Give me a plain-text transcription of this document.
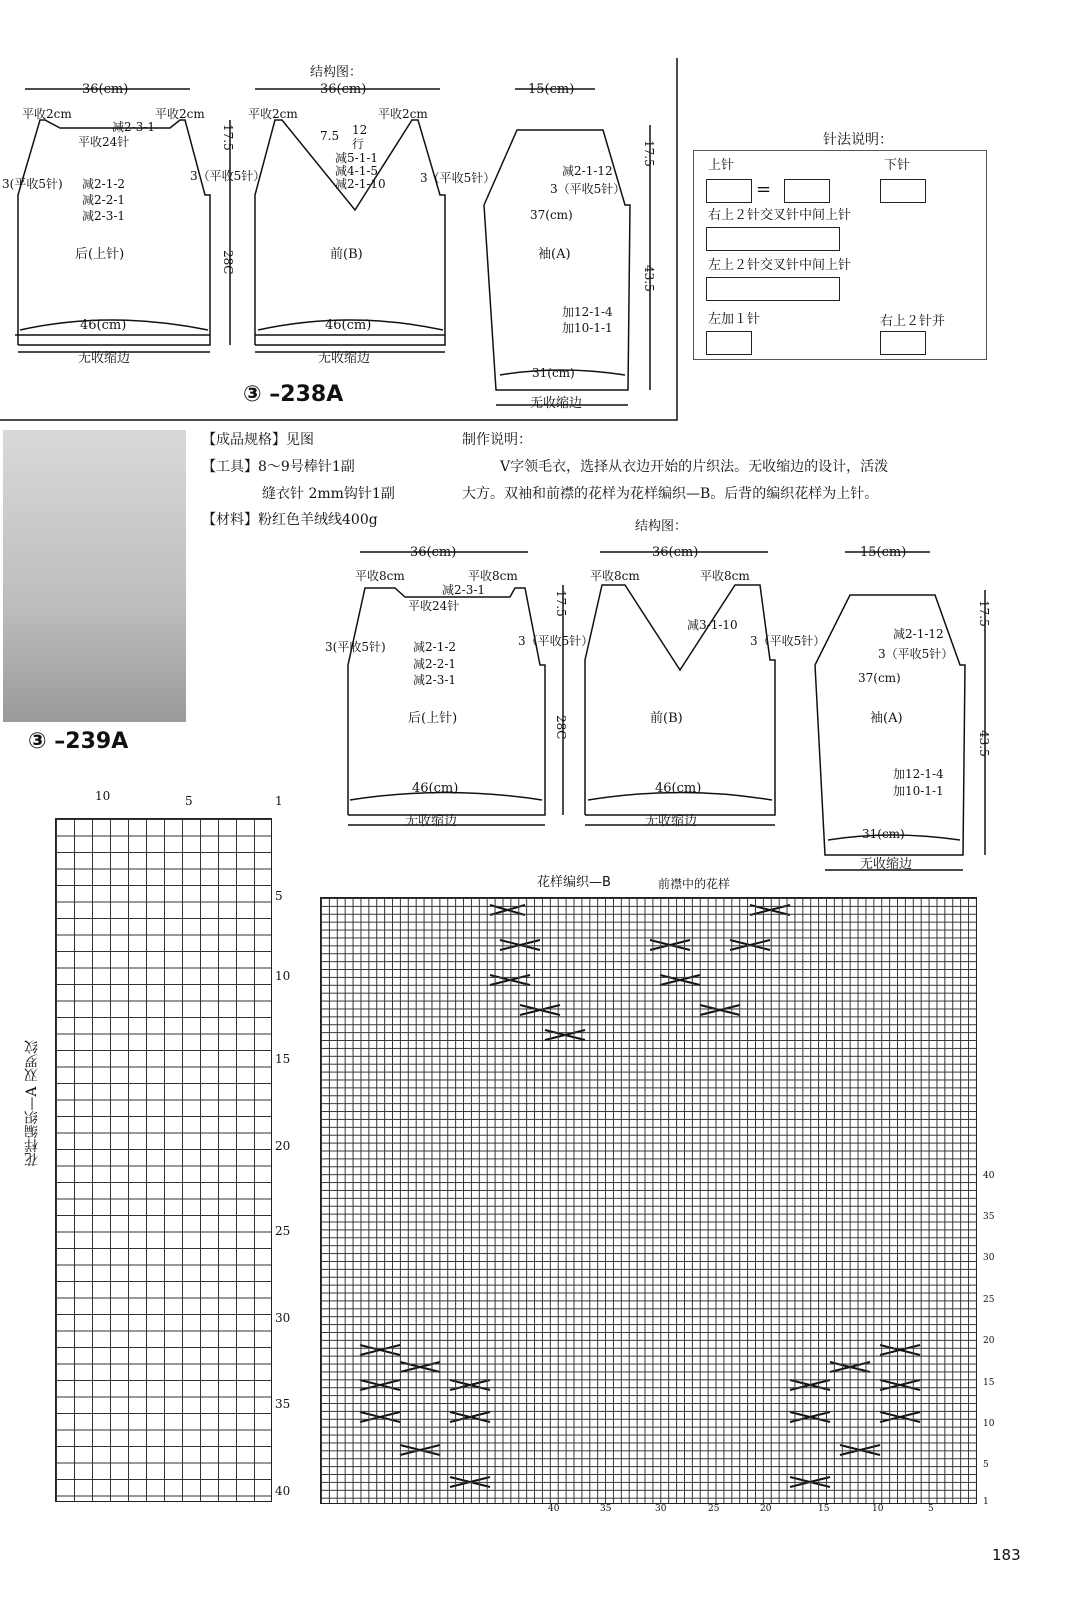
结构图：
36(cm)
平收2cm	平收2cm
减2-3-1
平收24针
3(平收5针) 减2-1-2
减2-2-1
减2-3-1
后(上针)
46(cm)
无收缩边
17.5
28C
36(cm)
平收2cm	平收2cm
7.5 12
行
减5-1-1
减4-1-5
减2-1-10
3（平收5针）	3（平收5针）
前(B)
46(cm)
无收缩边
15(cm)
减2-1-12
3（平收5针）
37(cm)
袖(A)
加12-1-4
加10-1-1
31(cm)
无收缩边
17.5
43.5
③ –238A
针法说明：
上针	下针
=
右上２针交叉针中间上针
左上２针交叉针中间上针
左加１针	右上２针并
③ –239A
【成品规格】见图
【工具】8～9号棒针1副
缝衣针 2mm钩针1副
【材料】粉红色羊绒线400g
制作说明：
V字领毛衣，选择从衣边开始的片织法。无收缩边的设计，活泼
大方。双袖和前襟的花样为花样编织—B。后背的编织花样为上针。
结构图：
36(cm)
平收8cm	平收8cm
减2-3-1
平收24针
3(平收5针) 减2-1-2
减2-2-1
减2-3-1
后(上针)
46(cm)
无收缩边
17.5
28C
36(cm)
平收8cm	平收8cm
减3-1-10
3（平收5针）	3（平收5针）
前(B)
46(cm)
无收缩边
15(cm)
减2-1-12
3（平收5针）
37(cm)
袖(A)
加12-1-4
加10-1-1
31(cm)
无收缩边
17.5
43.5
10	5	1
花样编织—A 双罗纹
5
10
15
20
25
30
35
40
花样编织—B	前襟中的花样
40
35
30
25
20
15
10
5
1
40	35	30	25	20	15	10	5
183
